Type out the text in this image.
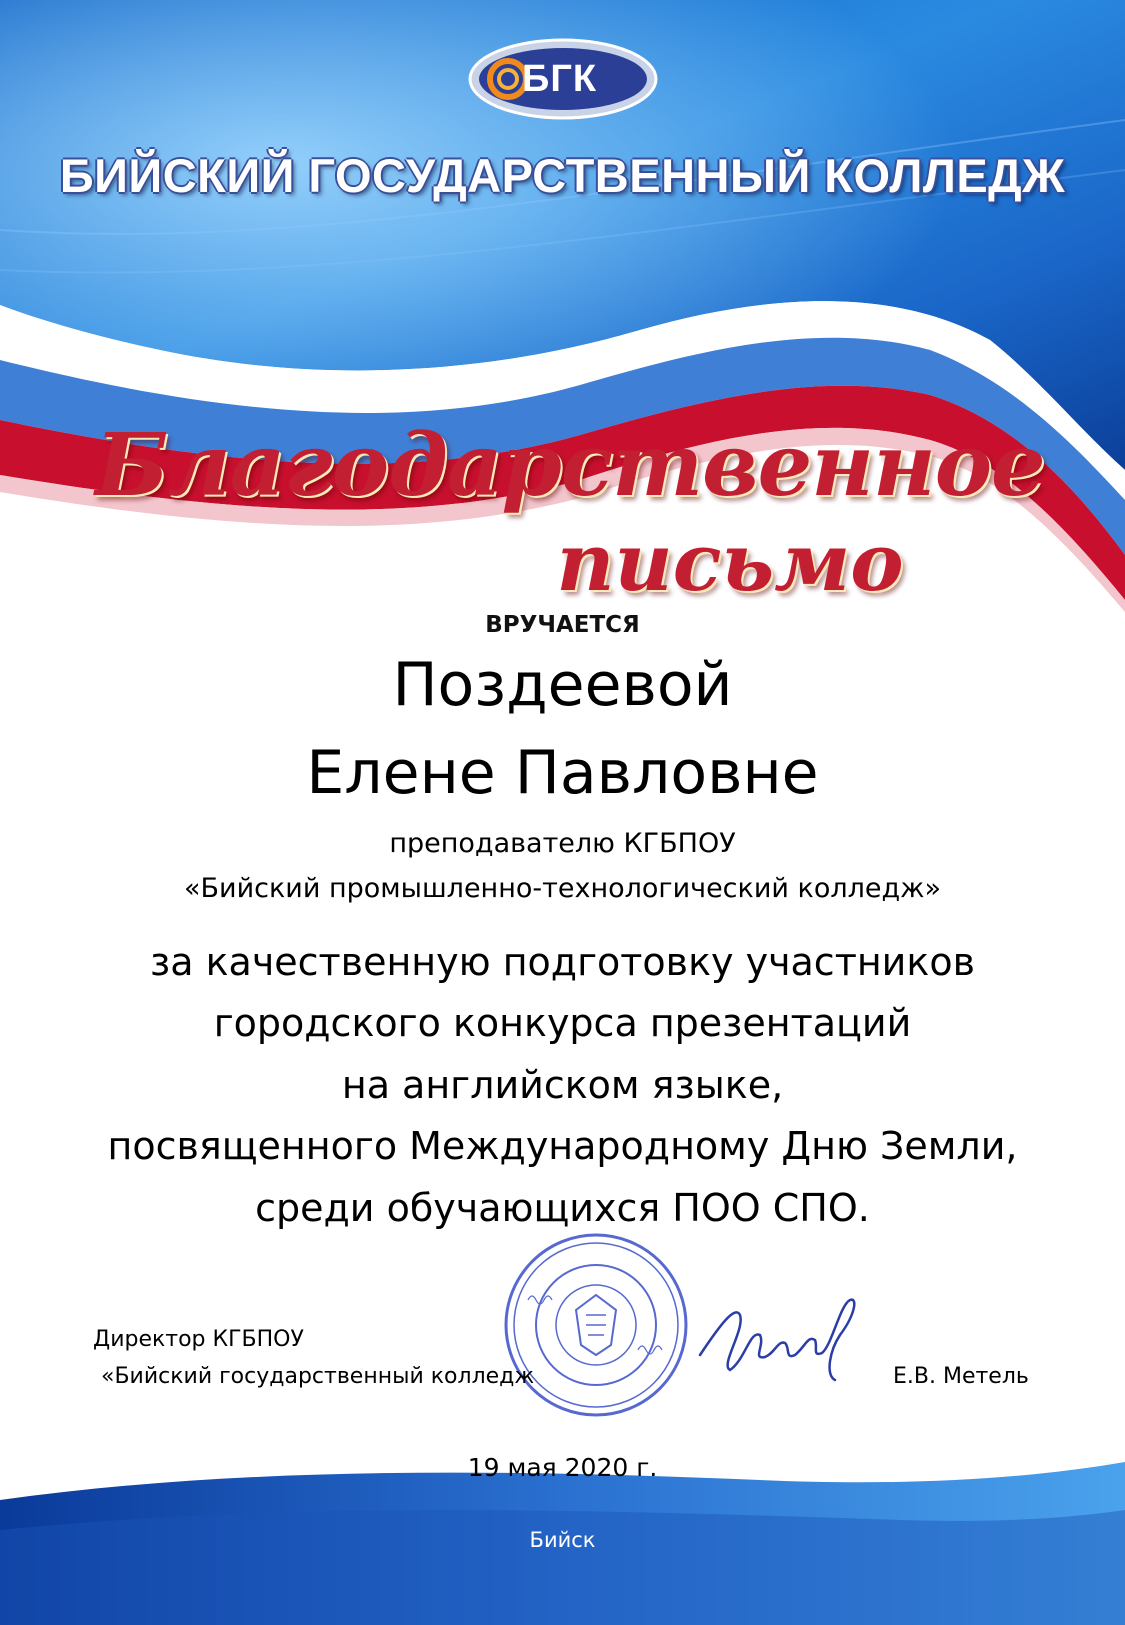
БГК
БИЙСКИЙ ГОСУДАРСТВЕННЫЙ КОЛЛЕДЖ
Благодарственное
письмо
ВРУЧАЕТСЯ
Поздеевой
Елене Павловне
преподавателю КГБПОУ
«Бийский промышленно-технологический колледж»
за качественную подготовку участников
городского конкурса презентаций
на английском языке,
посвященного Международному Дню Земли,
среди обучающихся ПОО СПО.
Директор КГБПОУ
«Бийский государственный колледж	Е.В. Метель
19 мая 2020 г.
Бийск
